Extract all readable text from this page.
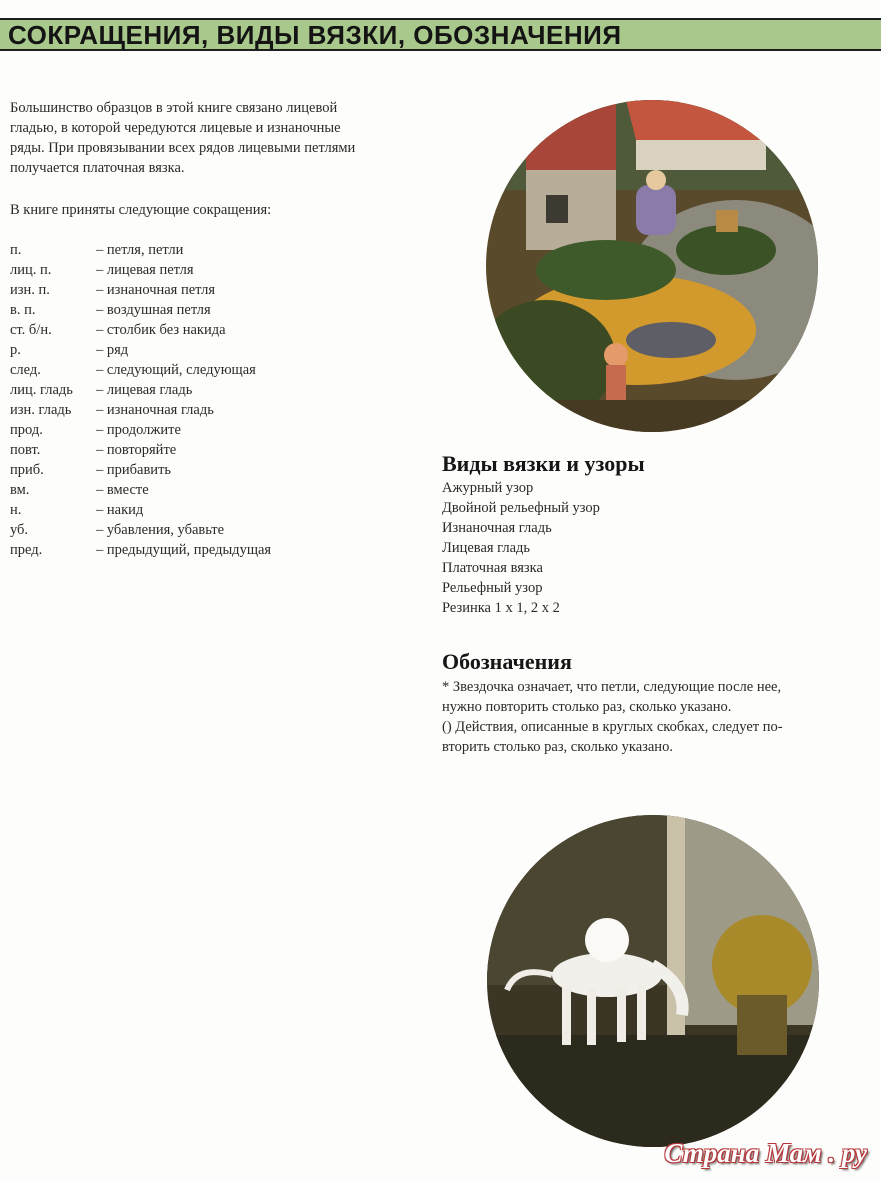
СОКРАЩЕНИЯ, ВИДЫ ВЯЗКИ, ОБОЗНАЧЕНИЯ

Большинство образцов в этой книге связано лицевой
гладью, в которой чередуются лицевые и изнаночные
ряды. При провязывании всех рядов лицевыми петлями
получается платочная вязка.

В книге приняты следующие сокращения:

п.	– петля, петли
лиц. п.	– лицевая петля
изн. п.	– изнаночная петля
в. п.	– воздушная петля
ст. б/н.	– столбик без накида
р.	– ряд
след.	– следующий, следующая
лиц. гладь – лицевая гладь
изн. гладь – изнаночная гладь
прод.	– продолжите
повт.	– повторяйте
приб.	– прибавить
вм.	– вместе
н.	– накид
уб.	– убавления, убавьте
пред.	– предыдущий, предыдущая
Виды вязки и узоры
Ажурный узор
Двойной рельефный узор
Изнаночная гладь
Лицевая гладь
Платочная вязка
Рельефный узор
Резинка 1 х 1, 2 х 2
Обозначения

* Звездочка означает, что петли, следующие после нее,
нужно повторить столько раз, сколько указано.
() Действия, описанные в круглых скобках, следует по-
вторить столько раз, сколько указано.

Страна Мам . ру
